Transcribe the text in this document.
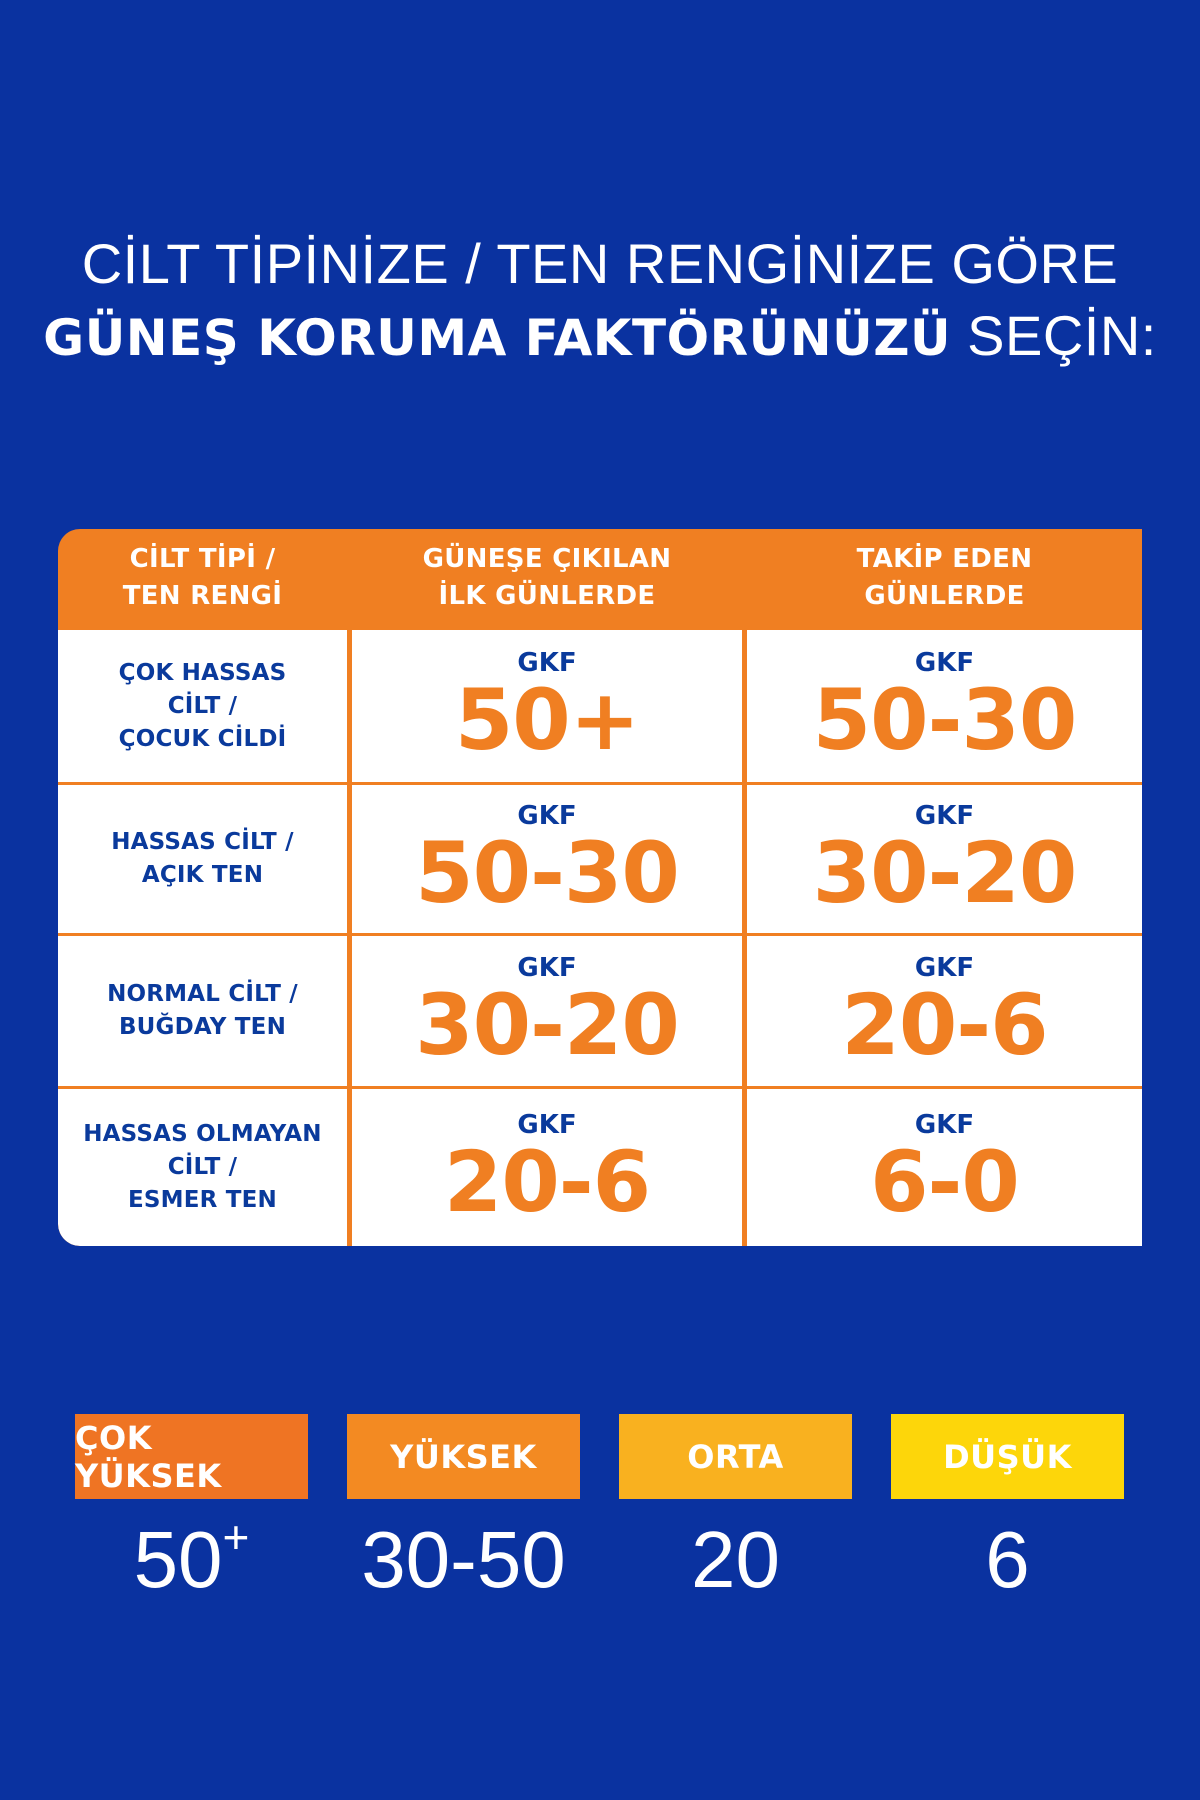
CİLT TİPİNİZE / TEN RENGİNİZE GÖRE
GÜNEŞ KORUMA FAKTÖRÜNÜZÜ SEÇİN:
CİLT TİPİ /
TEN RENGİ
GÜNEŞE ÇIKILAN
İLK GÜNLERDE
TAKİP EDEN
GÜNLERDE
ÇOK HASSAS
CİLT /
ÇOCUK CİLDİ
GKF
50+
GKF
50-30
HASSAS CİLT /
AÇIK TEN
GKF
50-30
GKF
30-20
NORMAL CİLT /
BUĞDAY TEN
GKF
30-20
GKF
20-6
HASSAS OLMAYAN
CİLT /
ESMER TEN
GKF
20-6
GKF
6-0
ÇOK YÜKSEK
50+
YÜKSEK
30-50
ORTA
20
DÜŞÜK
6
